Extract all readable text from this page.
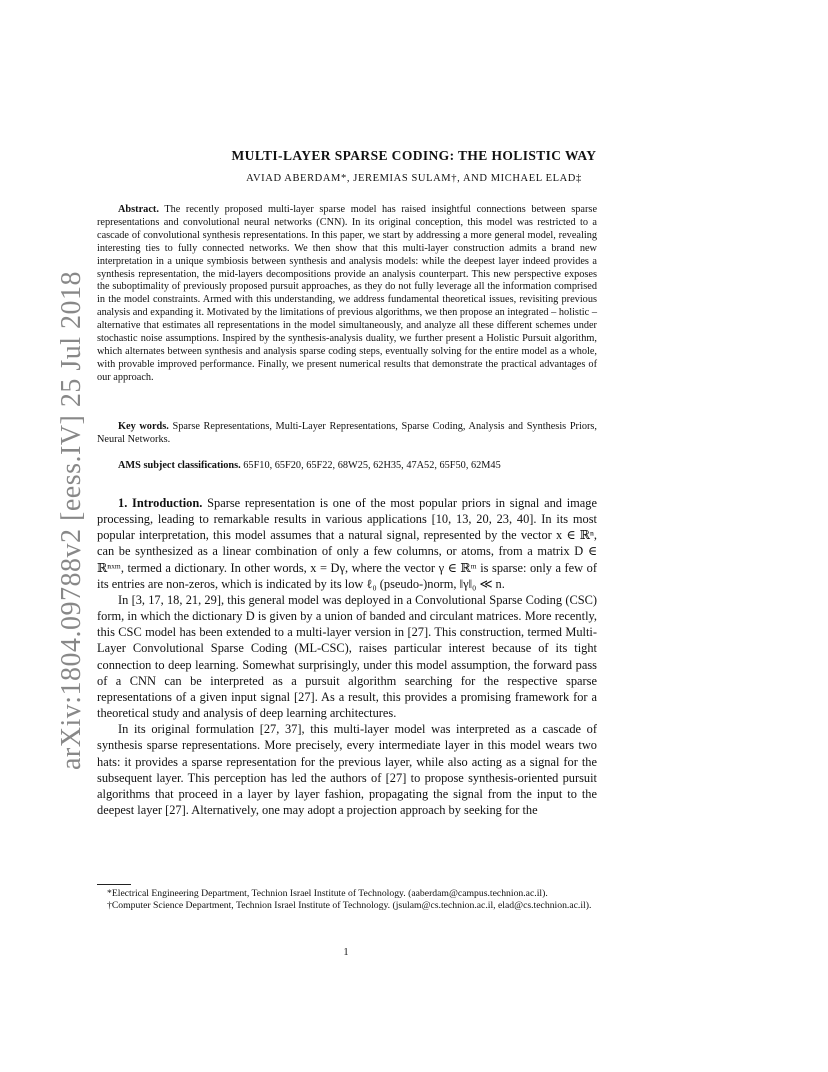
arXiv:1804.09788v2 [eess.IV] 25 Jul 2018
MULTI-LAYER SPARSE CODING: THE HOLISTIC WAY
AVIAD ABERDAM*, JEREMIAS SULAM†, AND MICHAEL ELAD‡
Abstract. The recently proposed multi-layer sparse model has raised insightful connections between sparse representations and convolutional neural networks (CNN). In its original conception, this model was restricted to a cascade of convolutional synthesis representations. In this paper, we start by addressing a more general model, revealing interesting ties to fully connected networks. We then show that this multi-layer construction admits a brand new interpretation in a unique symbiosis between synthesis and analysis models: while the deepest layer indeed provides a synthesis representation, the mid-layers decompositions provide an analysis counterpart. This new perspective exposes the suboptimality of previously proposed pursuit approaches, as they do not fully leverage all the information comprised in the model constraints. Armed with this understanding, we address fundamental theoretical issues, revisiting previous analysis and expanding it. Motivated by the limitations of previous algorithms, we then propose an integrated – holistic – alternative that estimates all representations in the model simultaneously, and analyze all these different schemes under stochastic noise assumptions. Inspired by the synthesis-analysis duality, we further present a Holistic Pursuit algorithm, which alternates between synthesis and analysis sparse coding steps, eventually solving for the entire model as a whole, with provable improved performance. Finally, we present numerical results that demonstrate the practical advantages of our approach.
Key words. Sparse Representations, Multi-Layer Representations, Sparse Coding, Analysis and Synthesis Priors, Neural Networks.
AMS subject classifications. 65F10, 65F20, 65F22, 68W25, 62H35, 47A52, 65F50, 62M45

1. Introduction. Sparse representation is one of the most popular priors in signal and image processing, leading to remarkable results in various applications [10, 13, 20, 23, 40]. In its most popular interpretation, this model assumes that a natural signal, represented by the vector x ∈ ℝⁿ, can be synthesized as a linear combination of only a few columns, or atoms, from a matrix D ∈ ℝⁿˣᵐ, termed a dictionary. In other words, x = Dγ, where the vector γ ∈ ℝᵐ is sparse: only a few of its entries are non-zeros, which is indicated by its low ℓ₀ (pseudo-)norm, ‖γ‖₀ ≪ n.

In [3, 17, 18, 21, 29], this general model was deployed in a Convolutional Sparse Coding (CSC) form, in which the dictionary D is given by a union of banded and circulant matrices. More recently, this CSC model has been extended to a multi-layer version in [27]. This construction, termed Multi-Layer Convolutional Sparse Coding (ML-CSC), raises particular interest because of its tight connection to deep learning. Somewhat surprisingly, under this model assumption, the forward pass of a CNN can be interpreted as a pursuit algorithm searching for the respective sparse representations of a given input signal [27]. As a result, this provides a promising framework for a theoretical study and analysis of deep learning architectures.

In its original formulation [27, 37], this multi-layer model was interpreted as a cascade of synthesis sparse representations. More precisely, every intermediate layer in this model wears two hats: it provides a sparse representation for the previous layer, while also acting as a signal for the subsequent layer. This perception has led the authors of [27] to propose synthesis-oriented pursuit algorithms that proceed in a layer by layer fashion, propagating the signal from the input to the deepest layer [27]. Alternatively, one may adopt a projection approach by seeking for the

*Electrical Engineering Department, Technion Israel Institute of Technology. (aaberdam@campus.technion.ac.il).

†Computer Science Department, Technion Israel Institute of Technology. (jsulam@cs.technion.ac.il, elad@cs.technion.ac.il).

1
